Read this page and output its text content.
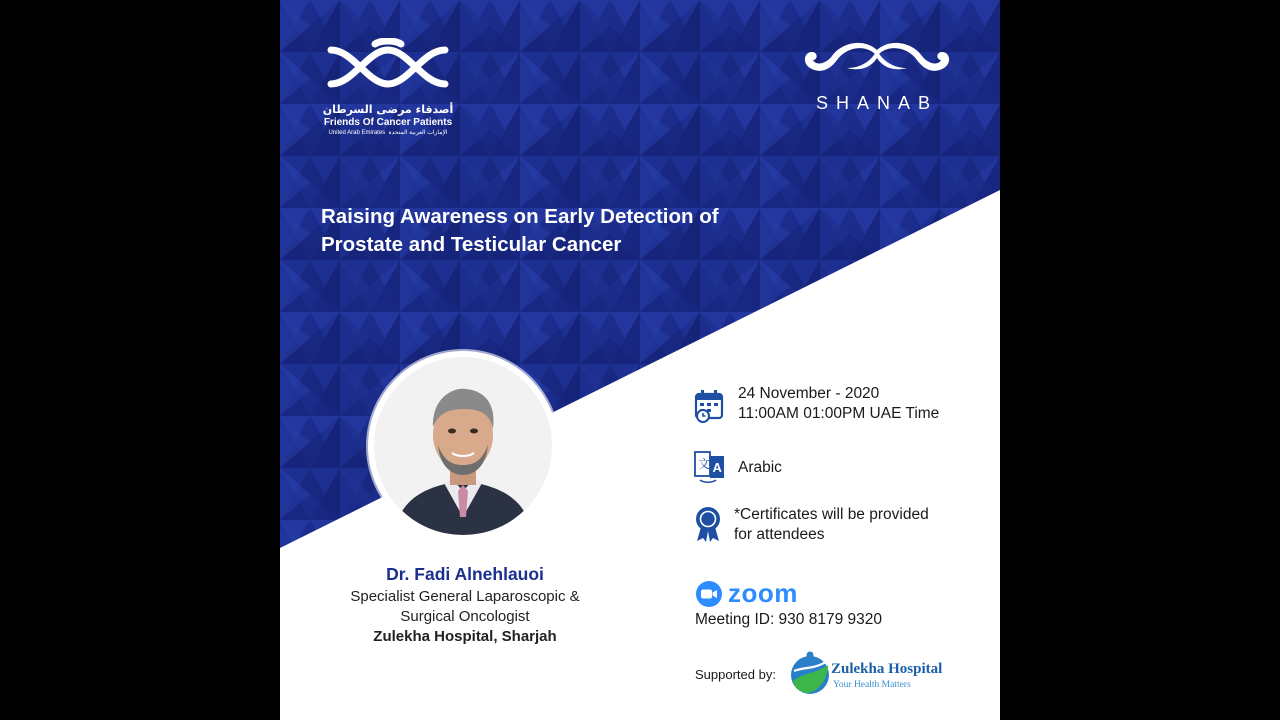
أصدقاء مرضى السرطان
Friends Of Cancer Patients
United Arab Emirates الإمارات العربية المتحدة
SHANAB
Raising Awareness on Early Detection of
Prostate and Testicular Cancer
Dr. Fadi Alnehlauoi
Specialist General Laparoscopic &
Surgical Oncologist
Zulekha Hospital, Sharjah
24 November - 2020
11:00AM 01:00PM UAE Time
文 A Arabic
*Certificates will be provided
for attendees
zoom
Meeting ID: 930 8179 9320
Supported by:	Zulekha Hospital
Your Health Matters
